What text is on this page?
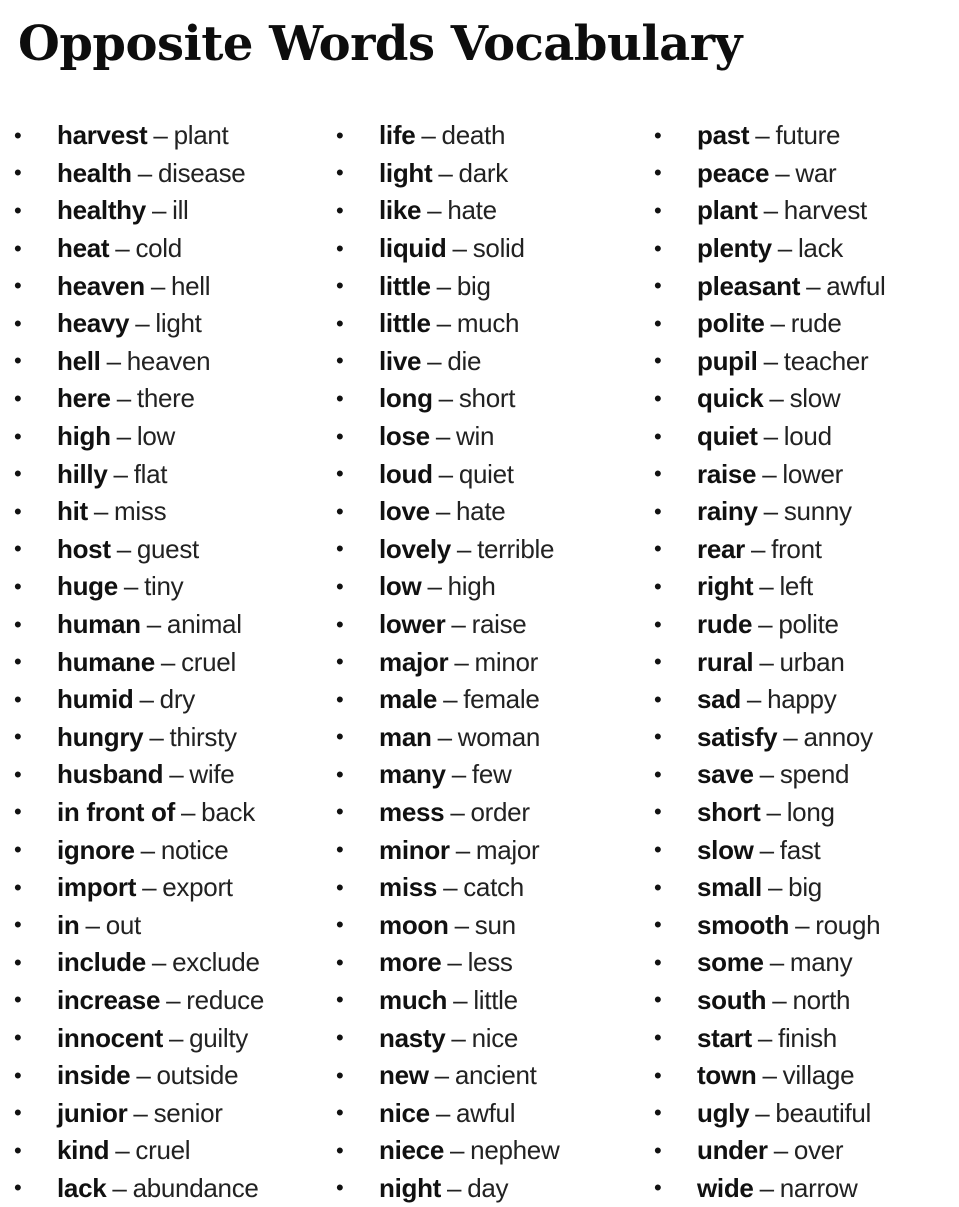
Opposite Words Vocabulary
•	harvest – plant
•	health – disease
•	healthy – ill
•	heat – cold
•	heaven – hell
•	heavy – light
•	hell – heaven
•	here – there
•	high – low
•	hilly – flat
•	hit – miss
•	host – guest
•	huge – tiny
•	human – animal
•	humane – cruel
•	humid – dry
•	hungry – thirsty
•	husband – wife
•	in front of – back
•	ignore – notice
•	import – export
•	in – out
•	include – exclude
•	increase – reduce
•	innocent – guilty
•	inside – outside
•	junior – senior
•	kind – cruel
•	lack – abundance
•	life – death
•	light – dark
•	like – hate
•	liquid – solid
•	little – big
•	little – much
•	live – die
•	long – short
•	lose – win
•	loud – quiet
•	love – hate
•	lovely – terrible
•	low – high
•	lower – raise
•	major – minor
•	male – female
•	man – woman
•	many – few
•	mess – order
•	minor – major
•	miss – catch
•	moon – sun
•	more – less
•	much – little
•	nasty – nice
•	new – ancient
•	nice – awful
•	niece – nephew
•	night – day
•	past – future
•	peace – war
•	plant – harvest
•	plenty – lack
•	pleasant – awful
•	polite – rude
•	pupil – teacher
•	quick – slow
•	quiet – loud
•	raise – lower
•	rainy – sunny
•	rear – front
•	right – left
•	rude – polite
•	rural – urban
•	sad – happy
•	satisfy – annoy
•	save – spend
•	short – long
•	slow – fast
•	small – big
•	smooth – rough
•	some – many
•	south – north
•	start – finish
•	town – village
•	ugly – beautiful
•	under – over
•	wide – narrow
